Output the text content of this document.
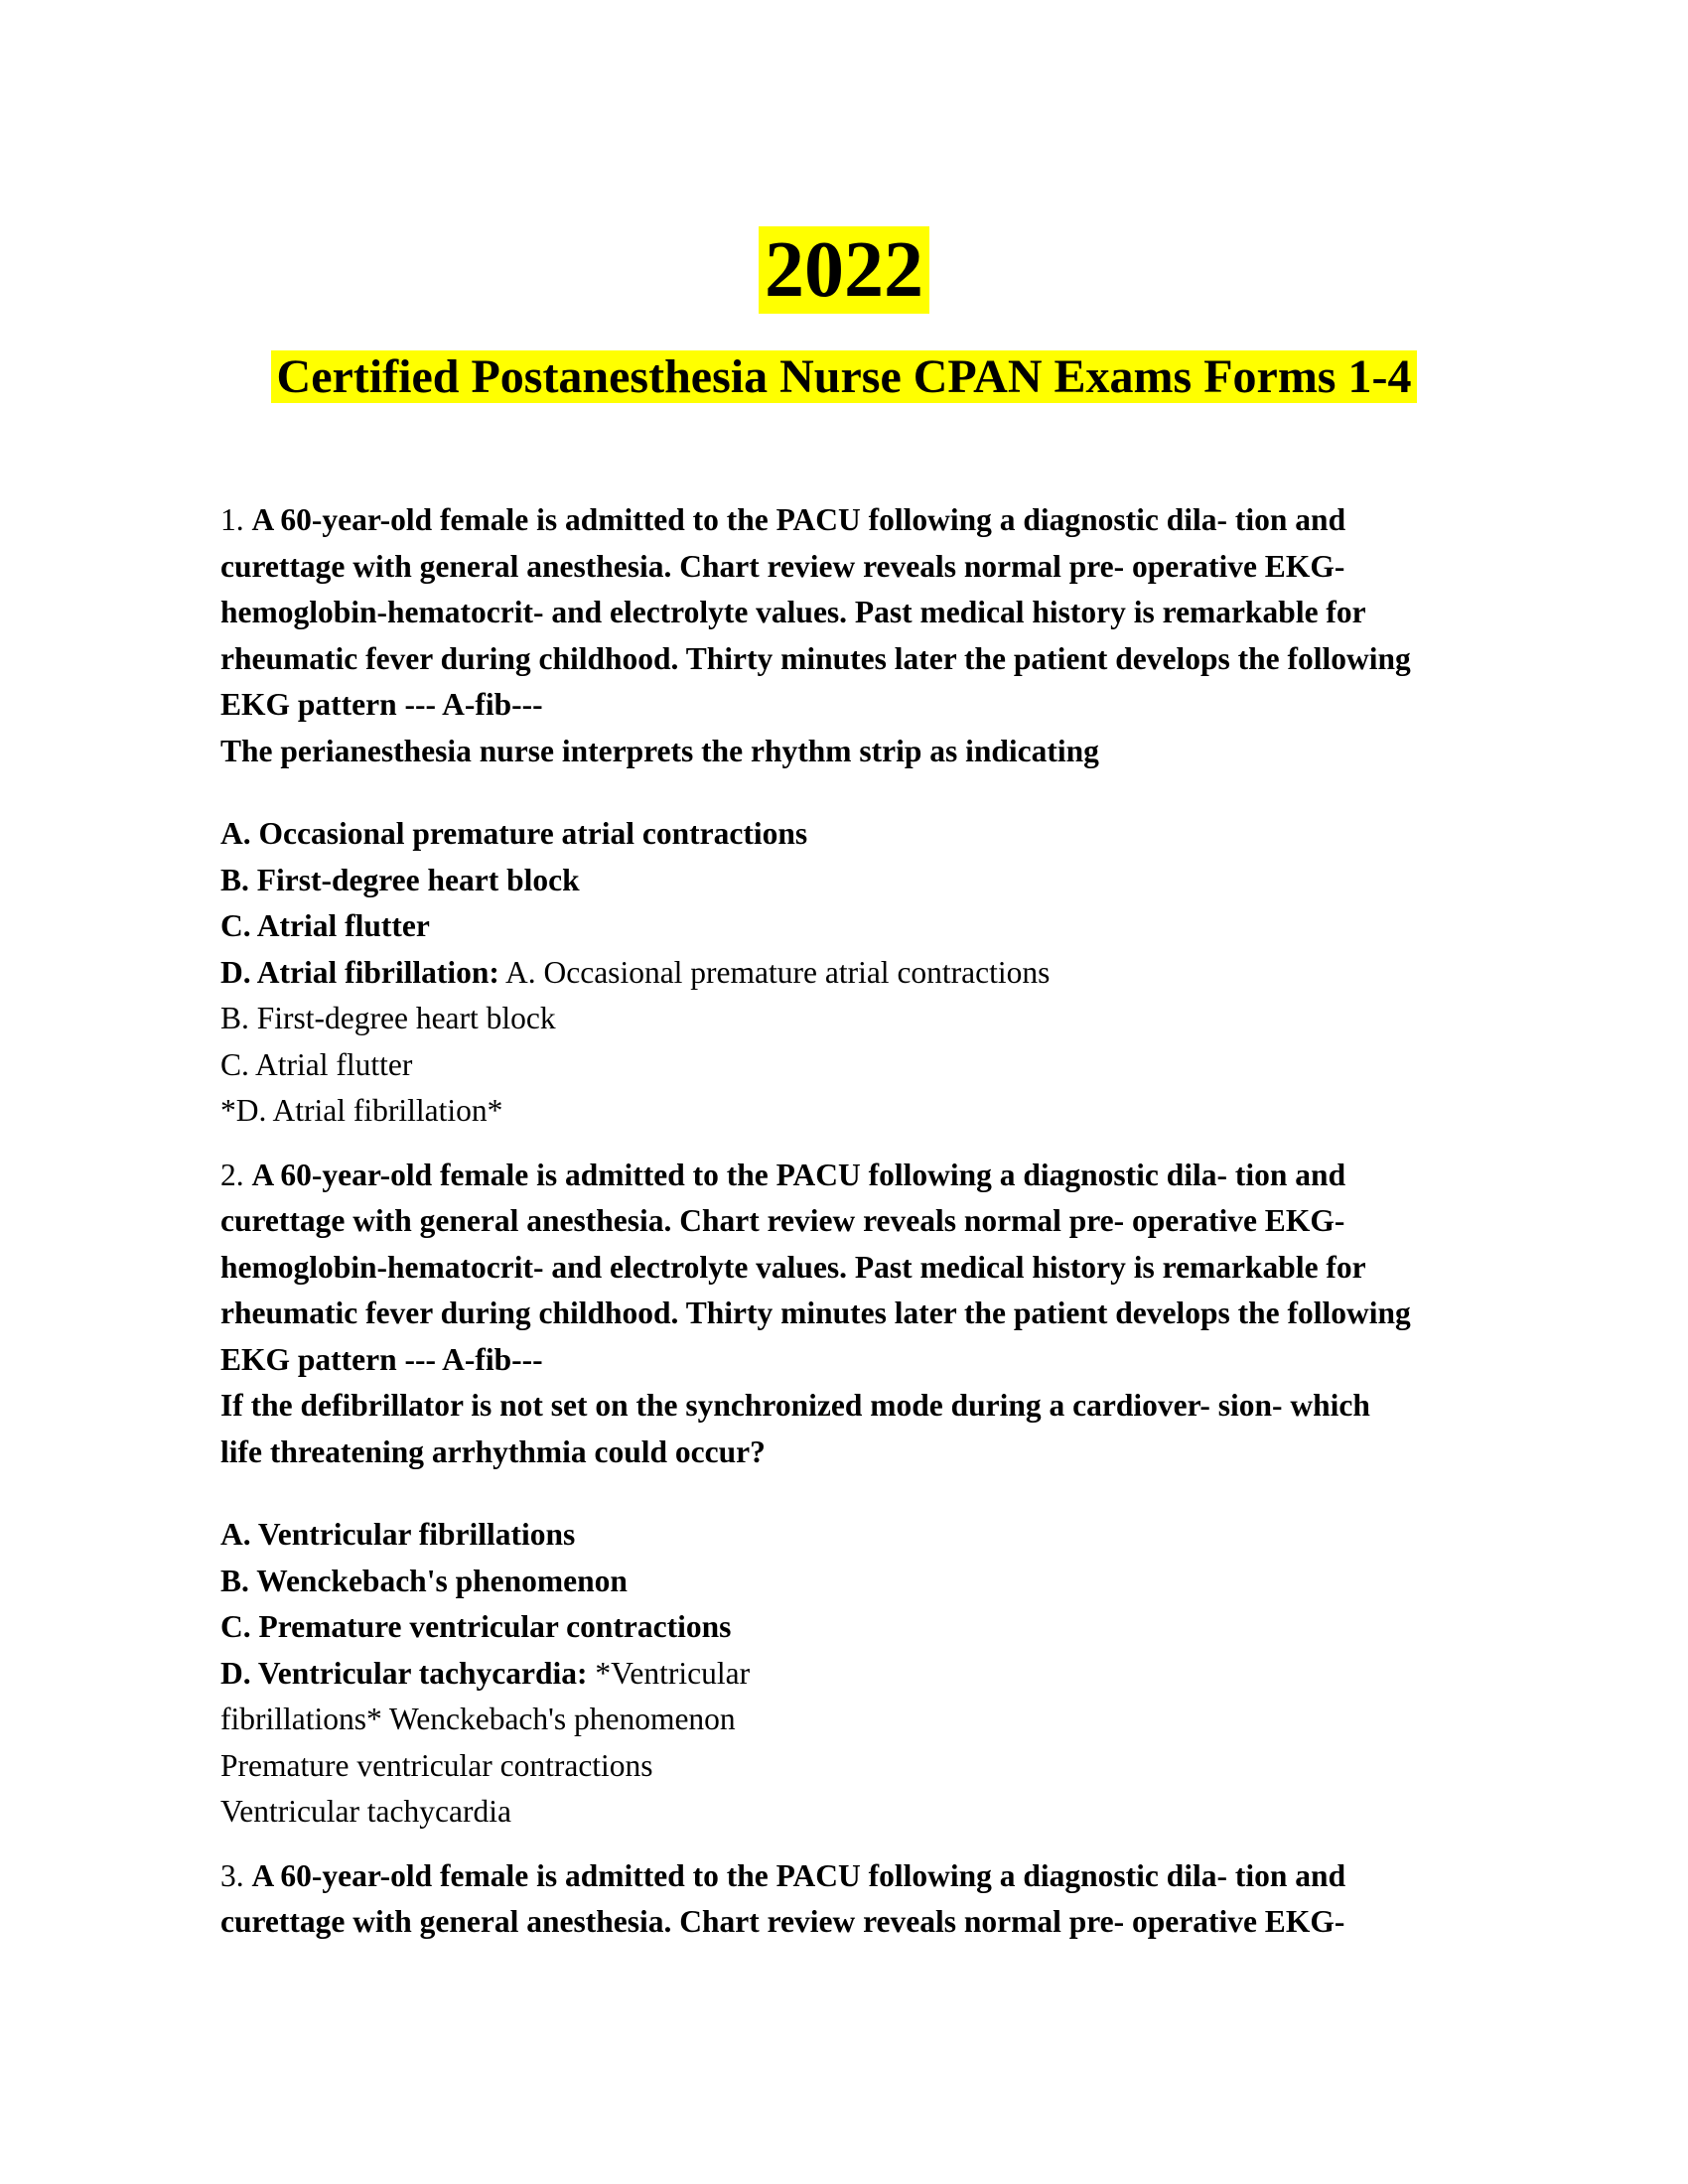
2022
Certified Postanesthesia Nurse CPAN Exams Forms 1-4
1. A 60-year-old female is admitted to the PACU following a diagnostic dila- tion and
curettage with general anesthesia. Chart review reveals normal pre- operative EKG-
hemoglobin-hematocrit- and electrolyte values. Past medical history is remarkable for
rheumatic fever during childhood. Thirty minutes later the patient develops the following
EKG pattern --- A-fib---
The perianesthesia nurse interprets the rhythm strip as indicating
A. Occasional premature atrial contractions
B. First-degree heart block
C. Atrial flutter
D. Atrial fibrillation: A. Occasional premature atrial contractions
B. First-degree heart block
C. Atrial flutter
*D. Atrial fibrillation*
2. A 60-year-old female is admitted to the PACU following a diagnostic dila- tion and
curettage with general anesthesia. Chart review reveals normal pre- operative EKG-
hemoglobin-hematocrit- and electrolyte values. Past medical history is remarkable for
rheumatic fever during childhood. Thirty minutes later the patient develops the following
EKG pattern --- A-fib---
If the defibrillator is not set on the synchronized mode during a cardiover- sion- which
life threatening arrhythmia could occur?
A. Ventricular fibrillations
B. Wenckebach's phenomenon
C. Premature ventricular contractions
D. Ventricular tachycardia: *Ventricular
fibrillations* Wenckebach's phenomenon
Premature ventricular contractions
Ventricular tachycardia
3. A 60-year-old female is admitted to the PACU following a diagnostic dila- tion and
curettage with general anesthesia. Chart review reveals normal pre- operative EKG-
